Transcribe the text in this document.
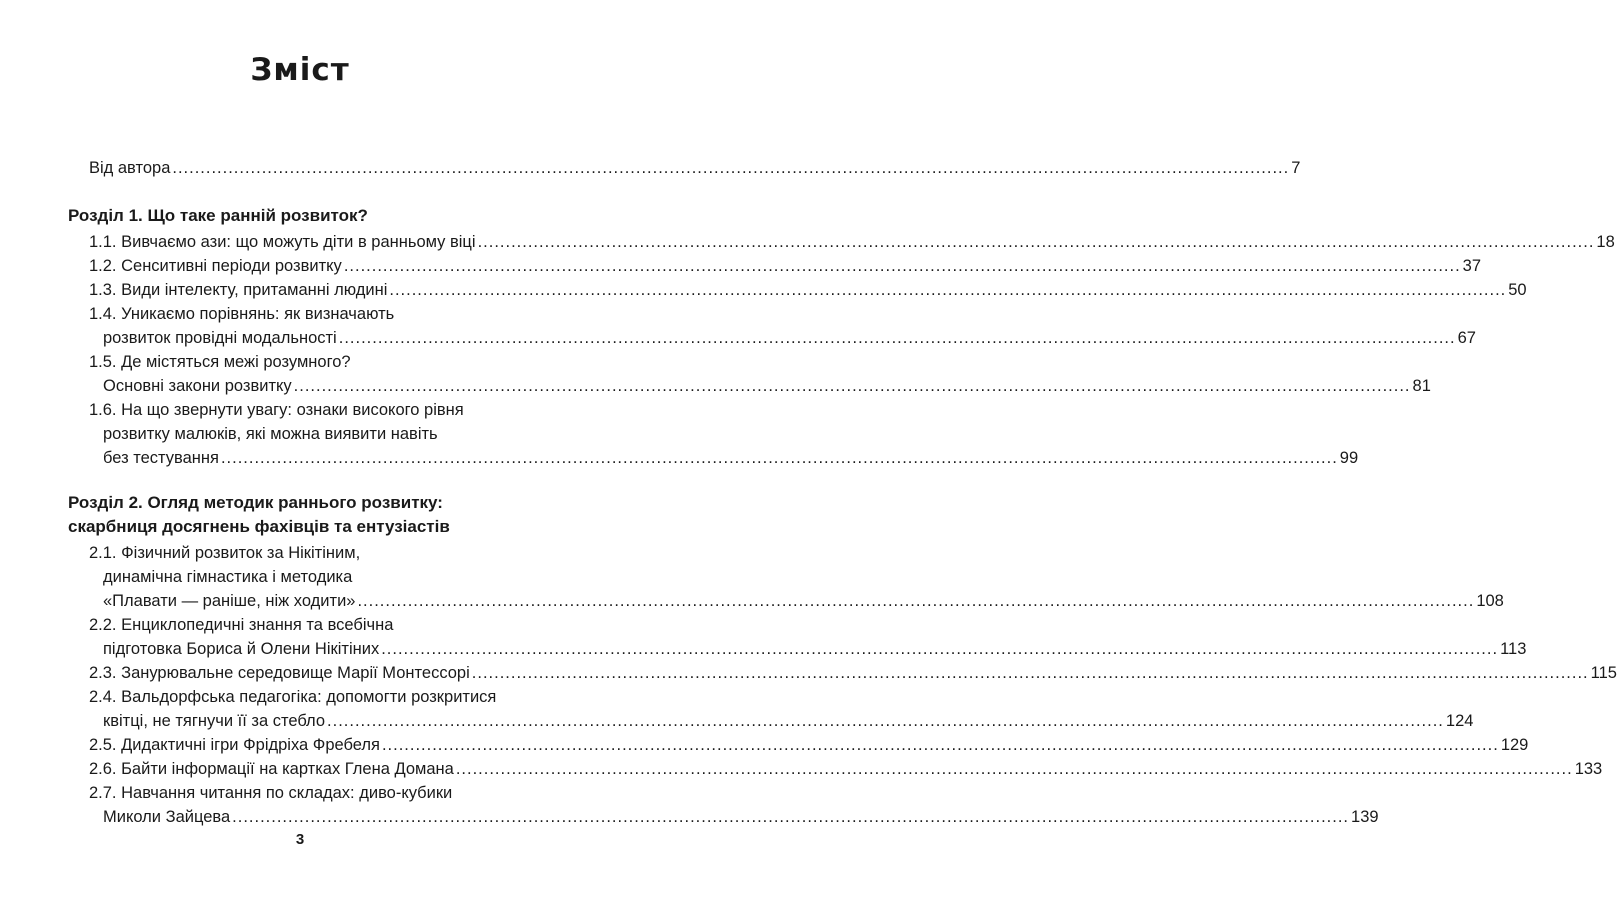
Зміст
Від автора ........................................................................................................................................................................................................ 7
Розділ 1. Що таке ранній розвиток?
1.1. Вивчаємо ази: що можуть діти в ранньому віці ........................................................................................................................................................................................................ 18
1.2. Сенситивні періоди розвитку ........................................................................................................................................................................................................ 37
1.3. Види інтелекту, притаманні людині ........................................................................................................................................................................................................ 50
1.4. Уникаємо порівнянь: як визначають
розвиток провідні модальності ........................................................................................................................................................................................................ 67
1.5. Де містяться межі розумного?
Основні закони розвитку ........................................................................................................................................................................................................ 81
1.6. На що звернути увагу: ознаки високого рівня
розвитку малюків, які можна виявити навіть
без тестування ........................................................................................................................................................................................................ 99
Розділ 2. Огляд методик раннього розвитку:
скарбниця досягнень фахівців та ентузіастів
2.1. Фізичний розвиток за Нікітіним,
динамічна гімнастика і методика
«Плавати — раніше, ніж ходити» ........................................................................................................................................................................................................ 108
2.2. Енциклопедичні знання та всебічна
підготовка Бориса й Олени Нікітіних ........................................................................................................................................................................................................ 113
2.3. Занурювальне середовище Марії Монтессорі ........................................................................................................................................................................................................ 115
2.4. Вальдорфська педагогіка: допомогти розкритися
квітці, не тягнучи її за стебло ........................................................................................................................................................................................................ 124
2.5. Дидактичні ігри Фрідріха Фребеля ........................................................................................................................................................................................................ 129
2.6. Байти інформації на картках Глена Домана ........................................................................................................................................................................................................ 133
2.7. Навчання читання по складах: диво-кубики
Миколи Зайцева ........................................................................................................................................................................................................ 139
3
